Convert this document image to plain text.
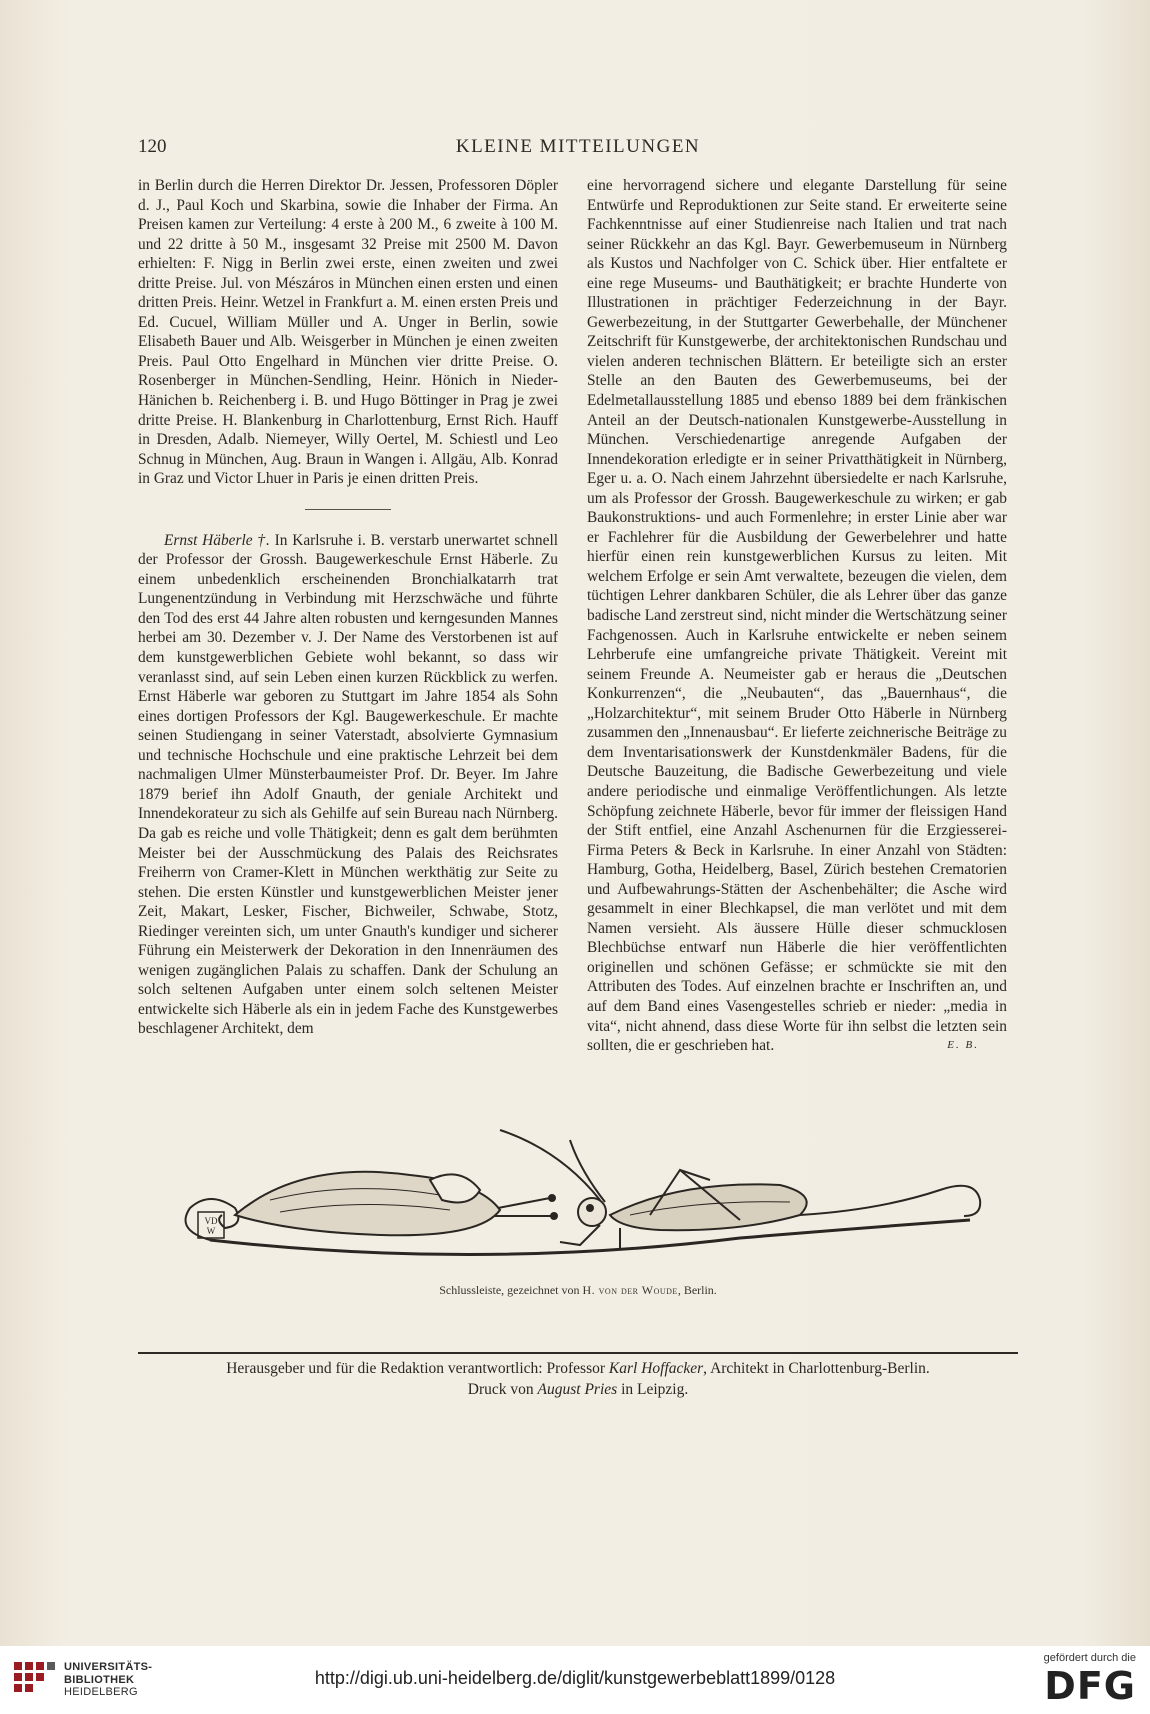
120	KLEINE MITTEILUNGEN

in Berlin durch die Herren Direktor Dr. Jessen, Professoren Döpler d. J., Paul Koch und Skarbina, sowie die Inhaber der Firma. An Preisen kamen zur Verteilung: 4 erste à 200 M., 6 zweite à 100 M. und 22 dritte à 50 M., insgesamt 32 Preise mit 2500 M. Davon erhielten: F. Nigg in Berlin zwei erste, einen zweiten und zwei dritte Preise. Jul. von Mészáros in München einen ersten und einen dritten Preis. Heinr. Wetzel in Frankfurt a. M. einen ersten Preis und Ed. Cucuel, William Müller und A. Unger in Berlin, sowie Elisabeth Bauer und Alb. Weisgerber in München je einen zweiten Preis. Paul Otto Engelhard in München vier dritte Preise. O. Rosenberger in München-Sendling, Heinr. Hönich in Nieder-Hänichen b. Reichenberg i. B. und Hugo Böttinger in Prag je zwei dritte Preise. H. Blankenburg in Charlottenburg, Ernst Rich. Hauff in Dresden, Adalb. Niemeyer, Willy Oertel, M. Schiestl und Leo Schnug in München, Aug. Braun in Wangen i. Allgäu, Alb. Konrad in Graz und Victor Lhuer in Paris je einen dritten Preis.

Ernst Häberle †. In Karlsruhe i. B. verstarb unerwartet schnell der Professor der Grossh. Baugewerkeschule Ernst Häberle. Zu einem unbedenklich erscheinenden Bronchialkatarrh trat Lungenentzündung in Verbindung mit Herzschwäche und führte den Tod des erst 44 Jahre alten robusten und kerngesunden Mannes herbei am 30. Dezember v. J. Der Name des Verstorbenen ist auf dem kunstgewerblichen Gebiete wohl bekannt, so dass wir veranlasst sind, auf sein Leben einen kurzen Rückblick zu werfen. Ernst Häberle war geboren zu Stuttgart im Jahre 1854 als Sohn eines dortigen Professors der Kgl. Baugewerkeschule. Er machte seinen Studiengang in seiner Vaterstadt, absolvierte Gymnasium und technische Hochschule und eine praktische Lehrzeit bei dem nachmaligen Ulmer Münsterbaumeister Prof. Dr. Beyer. Im Jahre 1879 berief ihn Adolf Gnauth, der geniale Architekt und Innendekorateur zu sich als Gehilfe auf sein Bureau nach Nürnberg. Da gab es reiche und volle Thätigkeit; denn es galt dem berühmten Meister bei der Ausschmückung des Palais des Reichsrates Freiherrn von Cramer-Klett in München werkthätig zur Seite zu stehen. Die ersten Künstler und kunstgewerblichen Meister jener Zeit, Makart, Lesker, Fischer, Bichweiler, Schwabe, Stotz, Riedinger vereinten sich, um unter Gnauth's kundiger und sicherer Führung ein Meisterwerk der Dekoration in den Innenräumen des wenigen zugänglichen Palais zu schaffen. Dank der Schulung an solch seltenen Aufgaben unter einem solch seltenen Meister entwickelte sich Häberle als ein in jedem Fache des Kunstgewerbes beschlagener Architekt, dem

eine hervorragend sichere und elegante Darstellung für seine Entwürfe und Reproduktionen zur Seite stand. Er erweiterte seine Fachkenntnisse auf einer Studienreise nach Italien und trat nach seiner Rückkehr an das Kgl. Bayr. Gewerbemuseum in Nürnberg als Kustos und Nachfolger von C. Schick über. Hier entfaltete er eine rege Museums- und Bauthätigkeit; er brachte Hunderte von Illustrationen in prächtiger Federzeichnung in der Bayr. Gewerbezeitung, in der Stuttgarter Gewerbehalle, der Münchener Zeitschrift für Kunstgewerbe, der architektonischen Rundschau und vielen anderen technischen Blättern. Er beteiligte sich an erster Stelle an den Bauten des Gewerbemuseums, bei der Edelmetallausstellung 1885 und ebenso 1889 bei dem fränkischen Anteil an der Deutsch-nationalen Kunstgewerbe-Ausstellung in München. Verschiedenartige anregende Aufgaben der Innendekoration erledigte er in seiner Privatthätigkeit in Nürnberg, Eger u. a. O. Nach einem Jahrzehnt übersiedelte er nach Karlsruhe, um als Professor der Grossh. Baugewerkeschule zu wirken; er gab Baukonstruktions- und auch Formenlehre; in erster Linie aber war er Fachlehrer für die Ausbildung der Gewerbelehrer und hatte hierfür einen rein kunstgewerblichen Kursus zu leiten. Mit welchem Erfolge er sein Amt verwaltete, bezeugen die vielen, dem tüchtigen Lehrer dankbaren Schüler, die als Lehrer über das ganze badische Land zerstreut sind, nicht minder die Wertschätzung seiner Fachgenossen. Auch in Karlsruhe entwickelte er neben seinem Lehrberufe eine umfangreiche private Thätigkeit. Vereint mit seinem Freunde A. Neumeister gab er heraus die „Deutschen Konkurrenzen“, die „Neubauten“, das „Bauernhaus“, die „Holzarchitektur“, mit seinem Bruder Otto Häberle in Nürnberg zusammen den „Innenausbau“. Er lieferte zeichnerische Beiträge zu dem Inventarisationswerk der Kunstdenkmäler Badens, für die Deutsche Bauzeitung, die Badische Gewerbezeitung und viele andere periodische und einmalige Veröffentlichungen. Als letzte Schöpfung zeichnete Häberle, bevor für immer der fleissigen Hand der Stift entfiel, eine Anzahl Aschenurnen für die Erzgiesserei-Firma Peters & Beck in Karlsruhe. In einer Anzahl von Städten: Hamburg, Gotha, Heidelberg, Basel, Zürich bestehen Crematorien und Aufbewahrungs-Stätten der Aschenbehälter; die Asche wird gesammelt in einer Blechkapsel, die man verlötet und mit dem Namen versieht. Als äussere Hülle dieser schmucklosen Blechbüchse entwarf nun Häberle die hier veröffentlichten originellen und schönen Gefässe; er schmückte sie mit den Attributen des Todes. Auf einzelnen brachte er Inschriften an, und auf dem Band eines Vasengestelles schrieb er nieder: „media in vita“, nicht ahnend, dass diese Worte für ihn selbst die letzten sein sollten, die er geschrieben hat.	E. B.

VD
W
Schlussleiste, gezeichnet von H. von der Woude, Berlin.
Herausgeber und für die Redaktion verantwortlich: Professor Karl Hoffacker, Architekt in Charlottenburg-Berlin.
Druck von August Pries in Leipzig.
UNIVERSITÄTS-
BIBLIOTHEK
HEIDELBERG
http://digi.ub.uni-heidelberg.de/diglit/kunstgewerbeblatt1899/0128
gefördert durch die
DFG
